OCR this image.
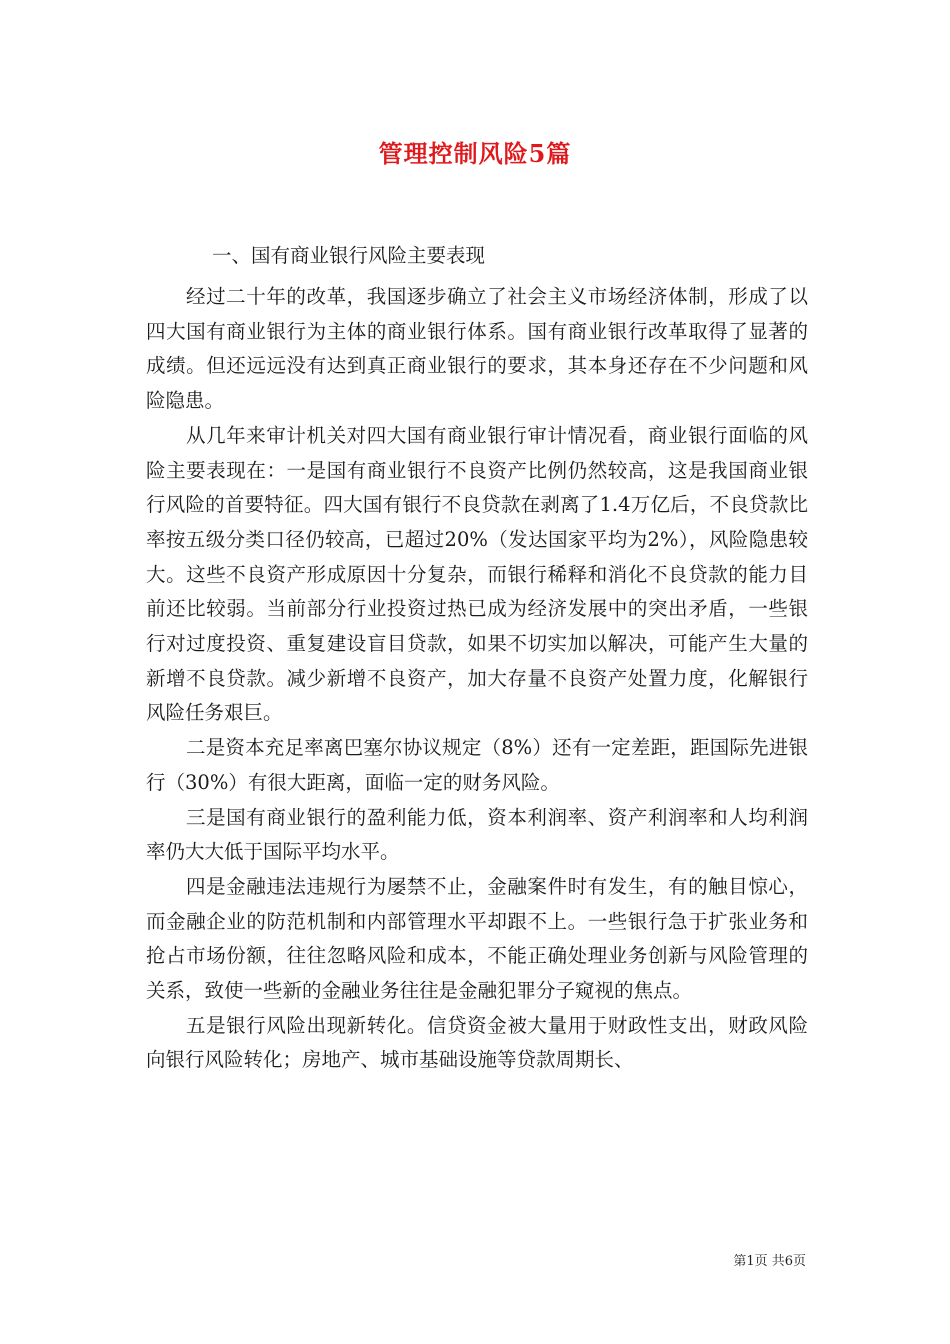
管理控制风险5篇

一、国有商业银行风险主要表现

经过二十年的改革，我国逐步确立了社会主义市场经济体制，形成了以四大国有商业银行为主体的商业银行体系。国有商业银行改革取得了显著的成绩。但还远远没有达到真正商业银行的要求，其本身还存在不少问题和风险隐患。

从几年来审计机关对四大国有商业银行审计情况看，商业银行面临的风险主要表现在：一是国有商业银行不良资产比例仍然较高，这是我国商业银行风险的首要特征。四大国有银行不良贷款在剥离了1.4万亿后，不良贷款比率按五级分类口径仍较高，已超过20%（发达国家平均为2%），风险隐患较大。这些不良资产形成原因十分复杂，而银行稀释和消化不良贷款的能力目前还比较弱。当前部分行业投资过热已成为经济发展中的突出矛盾，一些银行对过度投资、重复建设盲目贷款，如果不切实加以解决，可能产生大量的新增不良贷款。减少新增不良资产，加大存量不良资产处置力度，化解银行风险任务艰巨。

二是资本充足率离巴塞尔协议规定（8%）还有一定差距，距国际先进银行（30%）有很大距离，面临一定的财务风险。

三是国有商业银行的盈利能力低，资本利润率、资产利润率和人均利润率仍大大低于国际平均水平。

四是金融违法违规行为屡禁不止，金融案件时有发生，有的触目惊心，而金融企业的防范机制和内部管理水平却跟不上。一些银行急于扩张业务和抢占市场份额，往往忽略风险和成本，不能正确处理业务创新与风险管理的关系，致使一些新的金融业务往往是金融犯罪分子窥视的焦点。

五是银行风险出现新转化。信贷资金被大量用于财政性支出，财政风险向银行风险转化；房地产、城市基础设施等贷款周期长、

第1页 共6页
